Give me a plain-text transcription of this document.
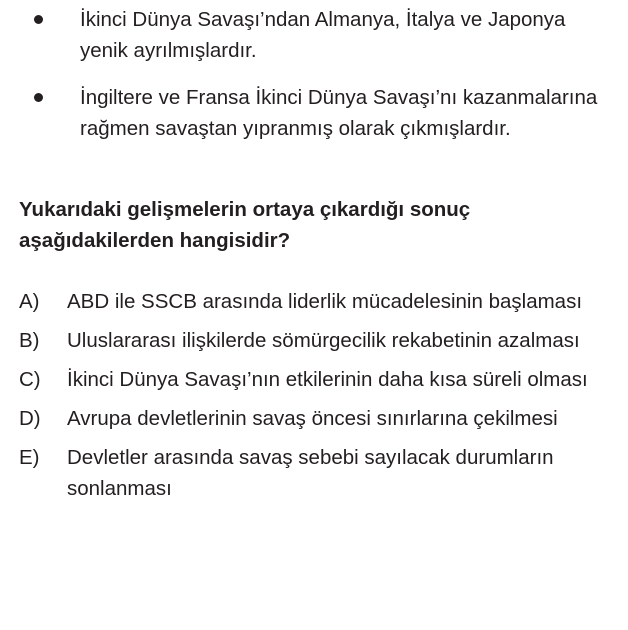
İkinci Dünya Savaşı’ndan Almanya, İtalya ve Japonya yenik ayrılmışlardır.
İngiltere ve Fransa İkinci Dünya Savaşı’nı kazanmalarına rağmen savaştan yıpranmış olarak çıkmışlardır.
Yukarıdaki gelişmelerin ortaya çıkardığı sonuç aşağıdakilerden hangisidir?
A) ABD ile SSCB arasında liderlik mücadelesinin başlaması
B) Uluslararası ilişkilerde sömürgecilik rekabetinin azalması
C) İkinci Dünya Savaşı’nın etkilerinin daha kısa süreli olması
D) Avrupa devletlerinin savaş öncesi sınırlarına çekilmesi
E) Devletler arasında savaş sebebi sayılacak durumların sonlanması
